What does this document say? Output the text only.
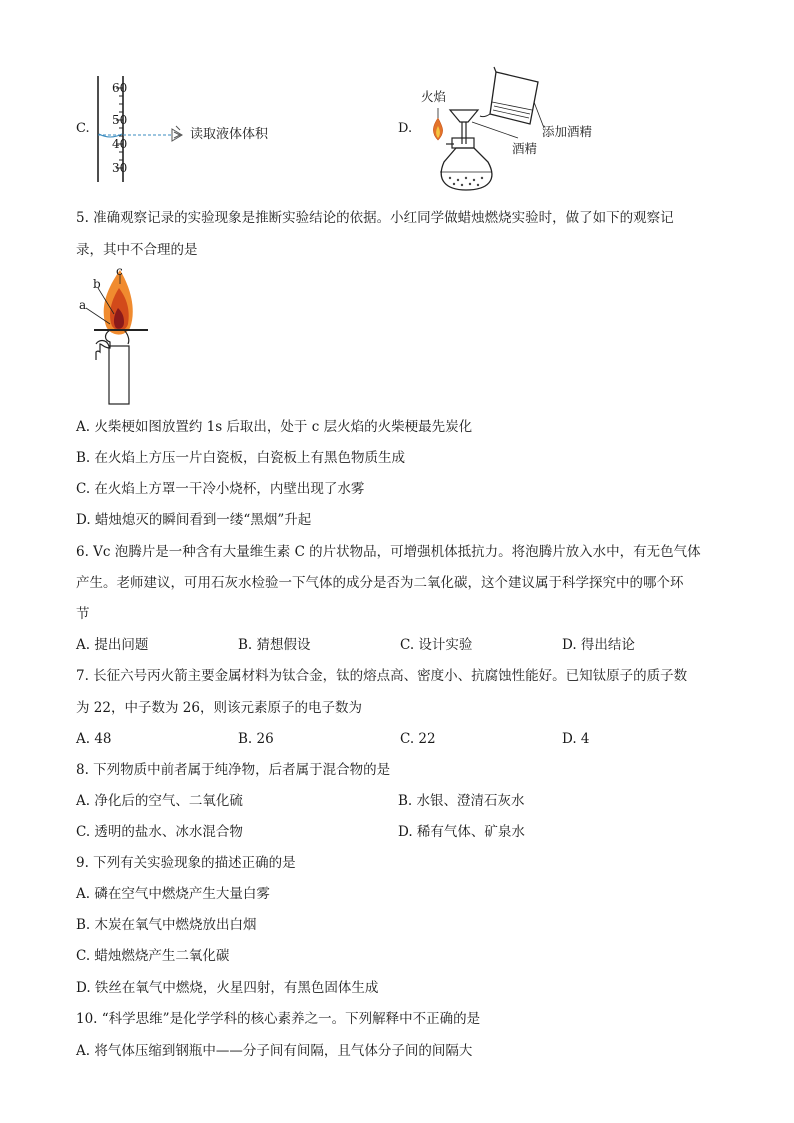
C.
60
50
40
30
读取液体体积	D.
火焰
添加酒精
酒精
5. 准确观察记录的实验现象是推断实验结论的依据。小红同学做蜡烛燃烧实验时，做了如下的观察记
录，其中不合理的是
a
b
c
A. 火柴梗如图放置约 1s 后取出，处于 c 层火焰的火柴梗最先炭化
B. 在火焰上方压一片白瓷板，白瓷板上有黑色物质生成
C. 在火焰上方罩一干冷小烧杯，内壁出现了水雾
D. 蜡烛熄灭的瞬间看到一缕“黑烟”升起
6. Vc 泡腾片是一种含有大量维生素 C 的片状物品，可增强机体抵抗力。将泡腾片放入水中，有无色气体
产生。老师建议，可用石灰水检验一下气体的成分是否为二氧化碳，这个建议属于科学探究中的哪个环
节
A. 提出问题	B. 猜想假设	C. 设计实验	D. 得出结论
7. 长征六号丙火箭主要金属材料为钛合金，钛的熔点高、密度小、抗腐蚀性能好。已知钛原子的质子数
为 22，中子数为 26，则该元素原子的电子数为
A. 48	B. 26	C. 22	D. 4
8. 下列物质中前者属于纯净物，后者属于混合物的是
A. 净化后的空气、二氧化硫	B. 水银、澄清石灰水
C. 透明的盐水、冰水混合物	D. 稀有气体、矿泉水
9. 下列有关实验现象的描述正确的是
A. 磷在空气中燃烧产生大量白雾
B. 木炭在氧气中燃烧放出白烟
C. 蜡烛燃烧产生二氧化碳
D. 铁丝在氧气中燃烧，火星四射，有黑色固体生成
10. “科学思维”是化学学科的核心素养之一。下列解释中不正确的是
A. 将气体压缩到钢瓶中——分子间有间隔，且气体分子间的间隔大
